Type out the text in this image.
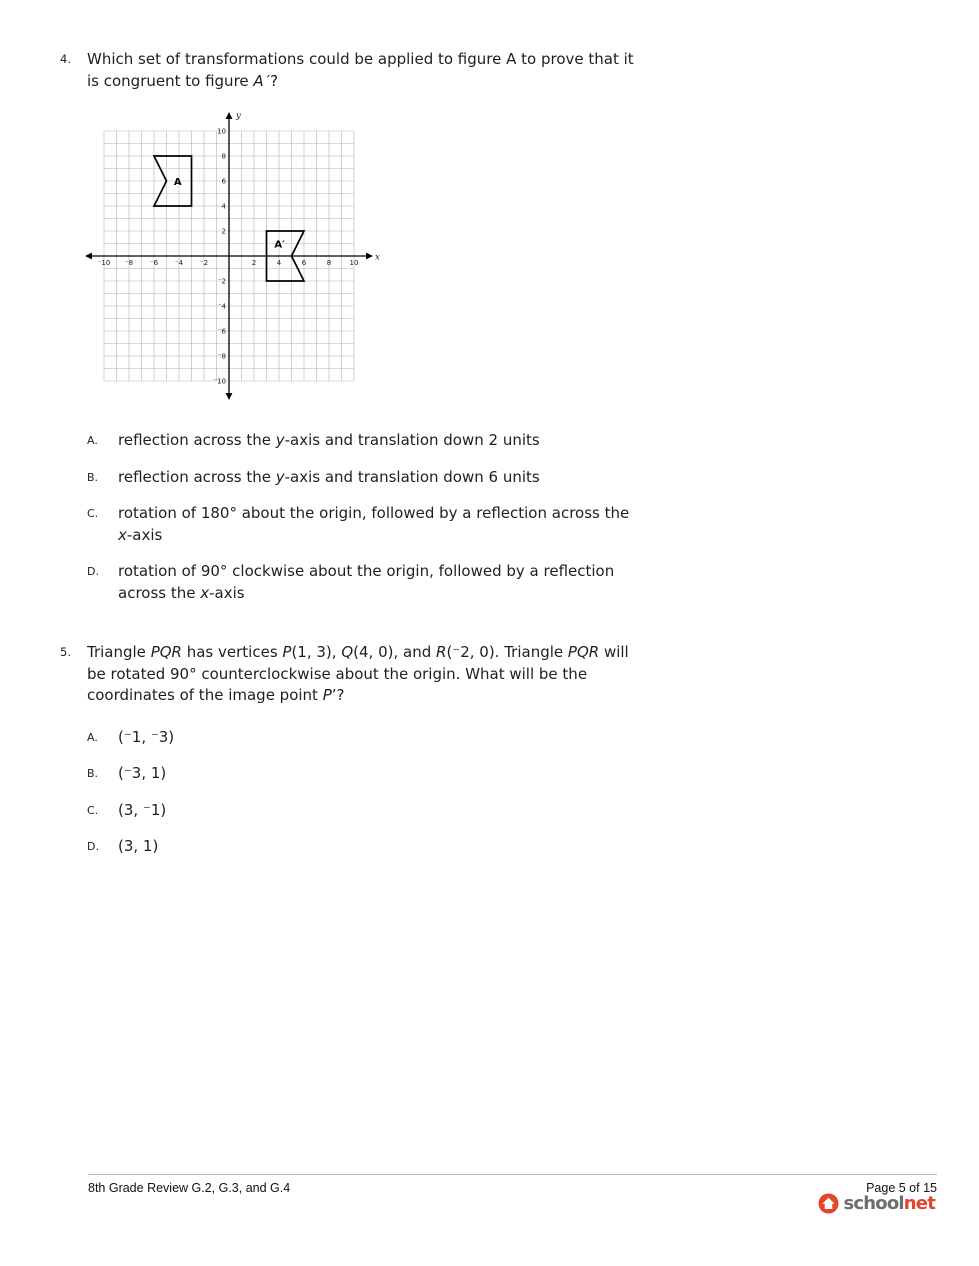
4.	Which set of transformations could be applied to figure A to prove that it
is congruent to figure A ′?
⁻10
⁻10
⁻8
⁻8
⁻6
⁻6
⁻4
⁻4
⁻2
⁻2
2
2
4
4
6
6
8
8
10
10
y
x
A
A′
A.	reflection across the y-axis and translation down 2 units
B.	reflection across the y-axis and translation down 6 units
C.	rotation of 180° about the origin, followed by a reflection across the
x-axis
D.	rotation of 90° clockwise about the origin, followed by a reflection
across the x-axis
5.	Triangle PQR has vertices P(1, 3), Q(4, 0), and R(⁻2, 0). Triangle PQR will
be rotated 90° counterclockwise about the origin. What will be the
coordinates of the image point P’?
A.	(⁻1, ⁻3)
B.	(⁻3, 1)
C.	(3, ⁻1)
D.	(3, 1)
8th Grade Review G.2, G.3, and G.4	Page 5 of 15
schoolnet
